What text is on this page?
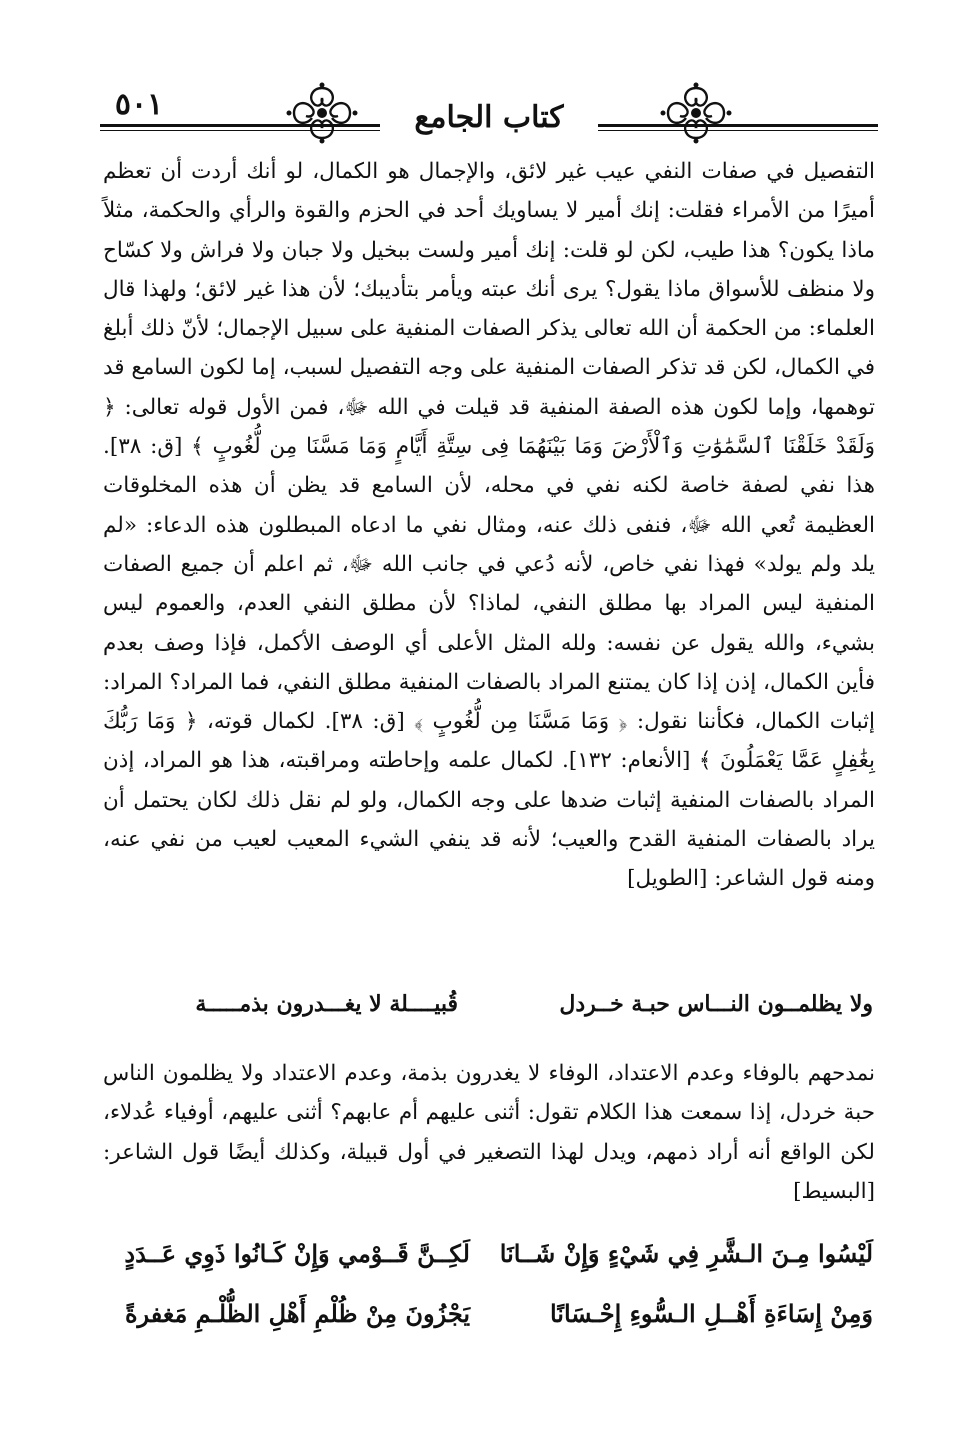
٥٠١	كتاب الجامع

التفصيل في صفات النفي عيب غير لائق، والإجمال هو الكمال، لو أنك أردت أن تعظم أميرًا من الأمراء فقلت: إنك أمير لا يساويك أحد في الحزم والقوة والرأي والحكمة، مثلاً ماذا يكون؟ هذا طيب، لكن لو قلت: إنك أمير ولست ببخيل ولا جبان ولا فراش ولا كسّاح ولا منظف للأسواق ماذا يقول؟ يرى أنك عبته ويأمر بتأديبك؛ لأن هذا غير لائق؛ ولهذا قال العلماء: من الحكمة أن الله تعالى يذكر الصفات المنفية على سبيل الإجمال؛ لأنّ ذلك أبلغ في الكمال، لكن قد تذكر الصفات المنفية على وجه التفصيل لسبب، إما لكون السامع قد توهمها، وإما لكون هذه الصفة المنفية قد قيلت في الله ﷻ، فمن الأول قوله تعالى: ﴿ وَلَقَدْ خَلَقْنَا ٱلسَّمَٰوَٰتِ وَٱلْأَرْضَ وَمَا بَيْنَهُمَا فِى سِتَّةِ أَيَّامٍ وَمَا مَسَّنَا مِن لُّغُوبٍ ﴾ [ق: ٣٨]. هذا نفي لصفة خاصة لكنه نفي في محله، لأن السامع قد يظن أن هذه المخلوقات العظيمة تُعي الله ﷻ، فنفى ذلك عنه، ومثال نفي ما ادعاه المبطلون هذه الدعاء: «لم يلد ولم يولد» فهذا نفي خاص، لأنه دُعي في جانب الله ﷻ، ثم اعلم أن جميع الصفات المنفية ليس المراد بها مطلق النفي، لماذا؟ لأن مطلق النفي العدم، والعموم ليس بشيء، والله يقول عن نفسه: ولله المثل الأعلى أي الوصف الأكمل، فإذا وصف بعدم فأين الكمال، إذن إذا كان يمتنع المراد بالصفات المنفية مطلق النفي، فما المراد؟ المراد: إثبات الكمال، فكأننا نقول: ﴿ وَمَا مَسَّنَا مِن لُّغُوبٍ ﴾ [ق: ٣٨]. لكمال قوته، ﴿ وَمَا رَبُّكَ بِغَٰفِلٍ عَمَّا يَعْمَلُونَ ﴾ [الأنعام: ١٣٢]. لكمال علمه وإحاطته ومراقبته، هذا هو المراد، إذن المراد بالصفات المنفية إثبات ضدها على وجه الكمال، ولو لم نقل ذلك لكان يحتمل أن يراد بالصفات المنفية القدح والعيب؛ لأنه قد ينفي الشيء المعيب لعيب من نفي عنه، ومنه قول الشاعر: [الطويل]

قُبيــــلة لا يغـــدرون بذمـــــة	ولا يظلمــون النـــاس حبـة خــردل

نمدحهم بالوفاء وعدم الاعتداد، الوفاء لا يغدرون بذمة، وعدم الاعتداد ولا يظلمون الناس حبة خردل، إذا سمعت هذا الكلام تقول: أثنى عليهم أم عابهم؟ أثنى عليهم، أوفياء عُدلاء، لكن الواقع أنه أراد ذمهم، ويدل لهذا التصغير في أول قبيلة، وكذلك أيضًا قول الشاعر: [البسيط]

لَكِــنَّ قَــوْمي وَإِنْ كَـانُوا ذَوِي عَــدَدٍ لَيْسُوا مِـنَ الـشَّرِ فِي شَيْءٍ وَإِنْ شَــانَا
يَجْزُونَ مِنْ ظُلْمِ أَهْلِ الظُّلْـمِ مَغفرةً	وَمِنْ إِسَاءَةِ أَهْــلِ الـسُّوءِ إِحْـسَانًا
